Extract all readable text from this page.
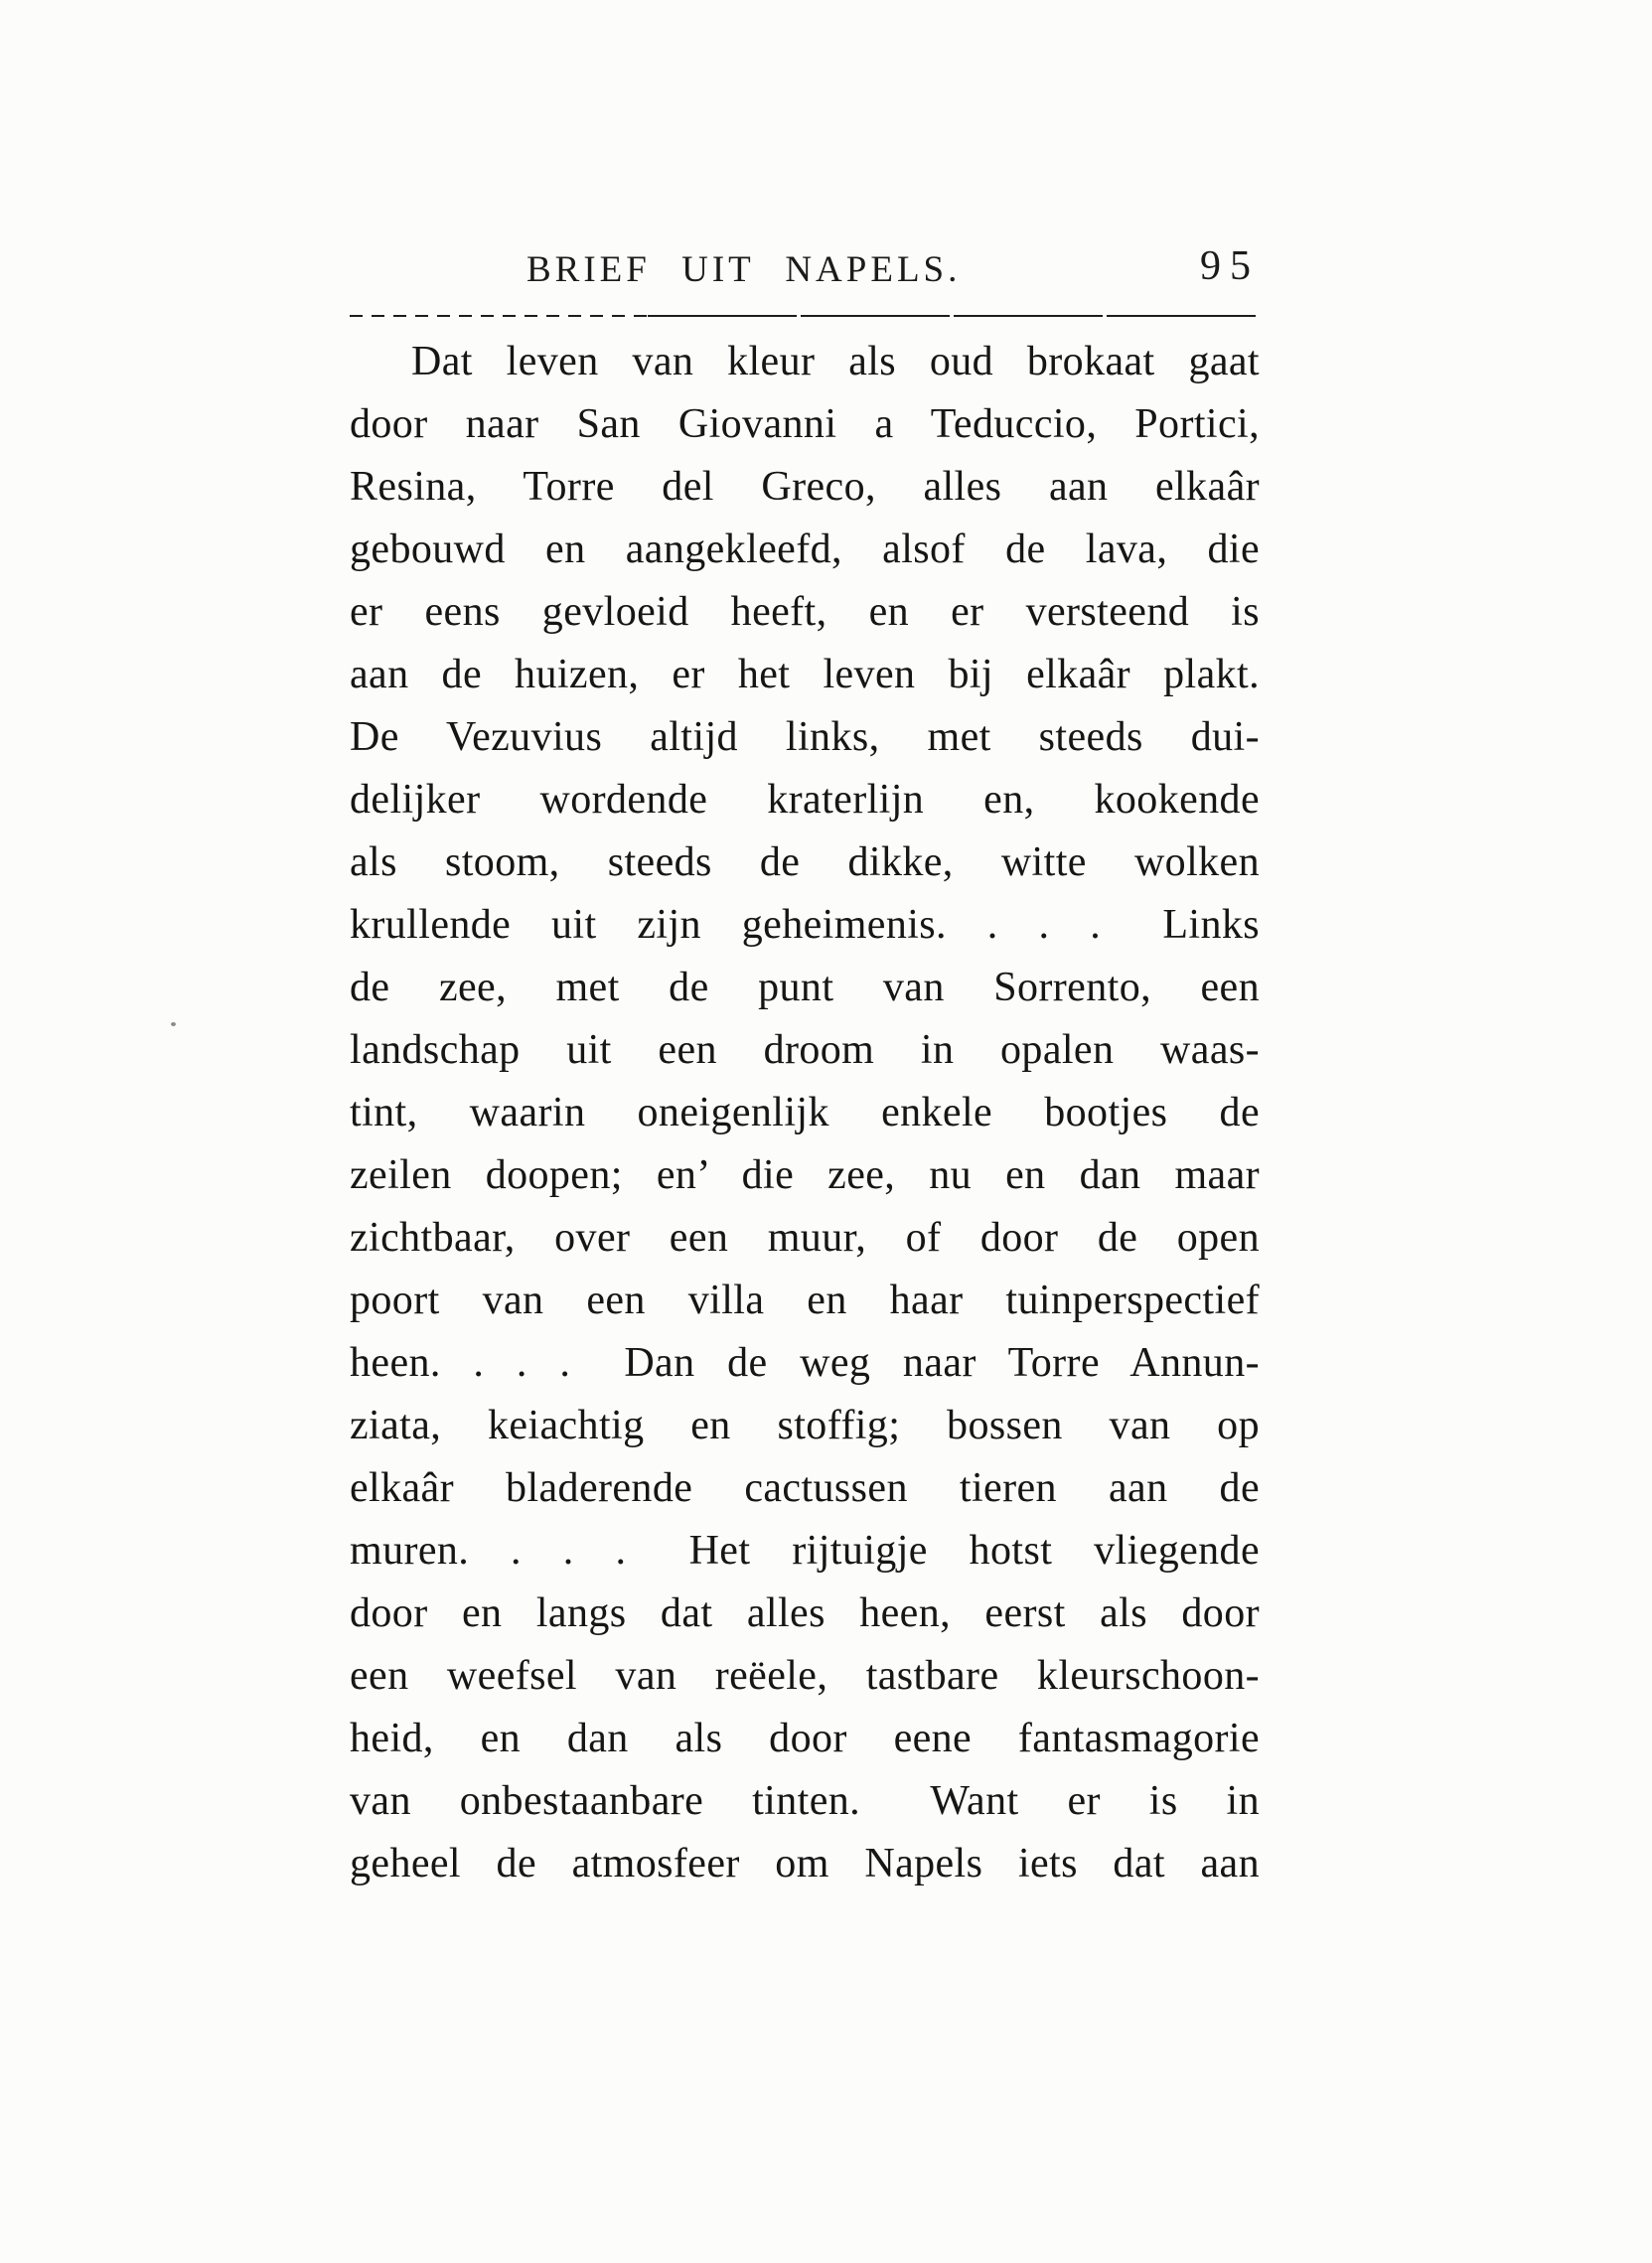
BRIEF UIT NAPELS.	95
Dat leven van kleur als oud brokaat gaat
door naar San Giovanni a Teduccio, Portici,
Resina, Torre del Greco, alles aan elkaâr
gebouwd en aangekleefd, alsof de lava, die
er eens gevloeid heeft, en er versteend is
aan de huizen, er het leven bij elkaâr plakt.
De Vezuvius altijd links, met steeds dui-
delijker wordende kraterlijn en, kookende
als stoom, steeds de dikke, witte wolken
krullende uit zijn geheimenis. . . .  Links
de zee, met de punt van Sorrento, een
landschap uit een droom in opalen waas-
tint, waarin oneigenlijk enkele bootjes de
zeilen doopen; en’ die zee, nu en dan maar
zichtbaar, over een muur, of door de open
poort van een villa en haar tuinperspectief
heen. . . .  Dan de weg naar Torre Annun-
ziata, keiachtig en stoffig; bossen van op
elkaâr bladerende cactussen tieren aan de
muren. . . .  Het rijtuigje hotst vliegende
door en langs dat alles heen, eerst als door
een weefsel van reëele, tastbare kleurschoon-
heid, en dan als door eene fantasmagorie
van onbestaanbare tinten.  Want er is in
geheel de atmosfeer om Napels iets dat aan
